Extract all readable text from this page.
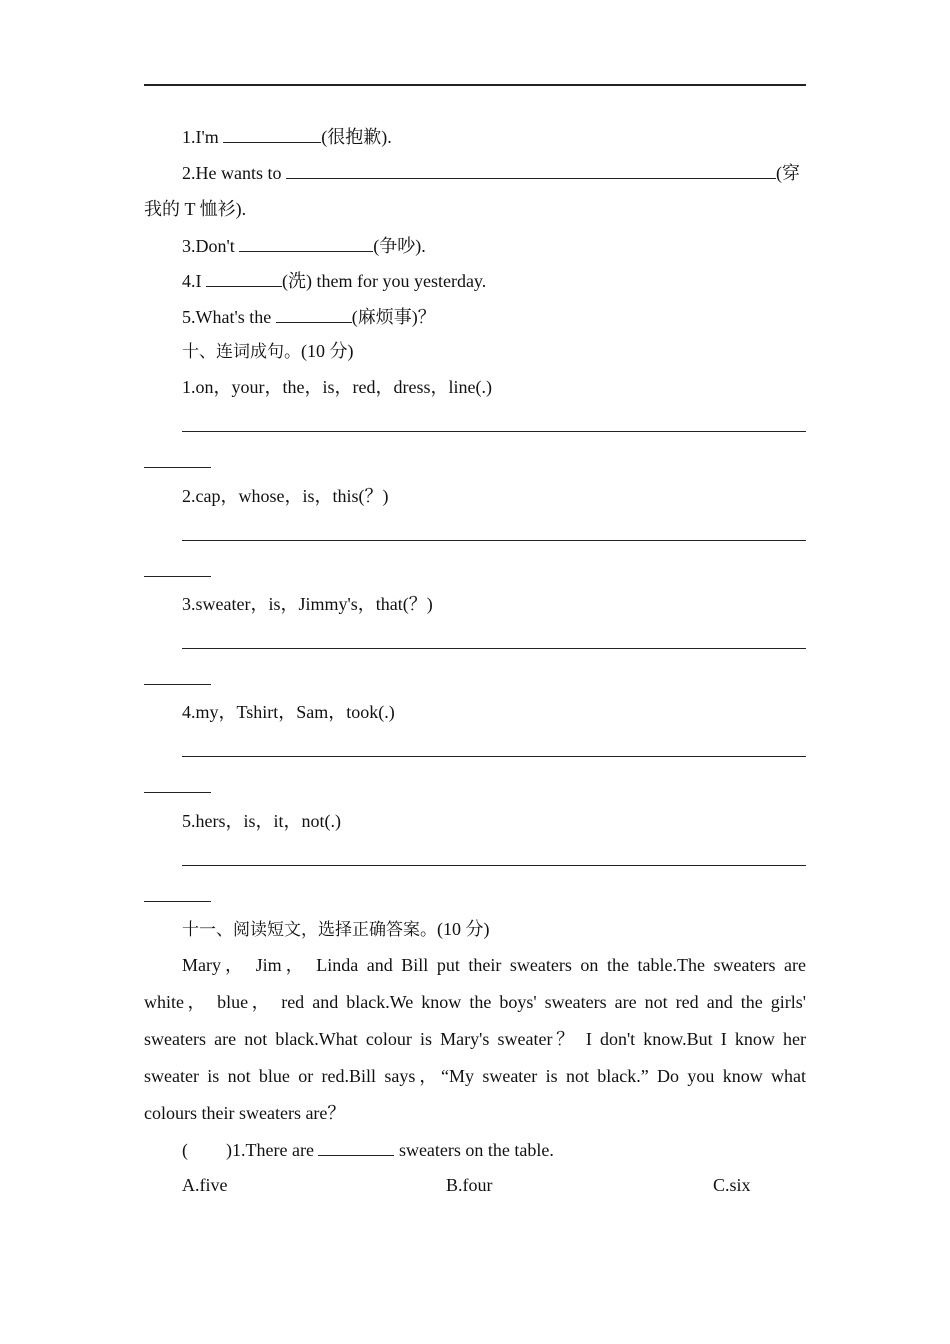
1.I'm	(很抱歉).
2.He wants to	(穿
我的 T 恤衫).
3.Don't	(争吵).
4.I	(洗) them for you yesterday.
5.What's the	(麻烦事)？
十、连词成句。(10 分)
1.on，your，the，is，red，dress，line(.)
2.cap，whose，is，this(？)
3.sweater，is，Jimmy's，that(？)
4.my，Tshirt，Sam，took(.)
5.hers，is，it，not(.)
十一、阅读短文，选择正确答案。(10 分)
Mary， Jim， Linda and Bill put their sweaters on the table.The sweaters are
white， blue， red and black.We know the boys' sweaters are not red and the girls'
sweaters are not black.What colour is Mary's sweater？ I don't know.But I know her
sweater is not blue or red.Bill says，“My sweater is not black.” Do you know what
colours their sweaters are？
( )1.There are	sweaters on the table.
A.five	B.four	C.six
